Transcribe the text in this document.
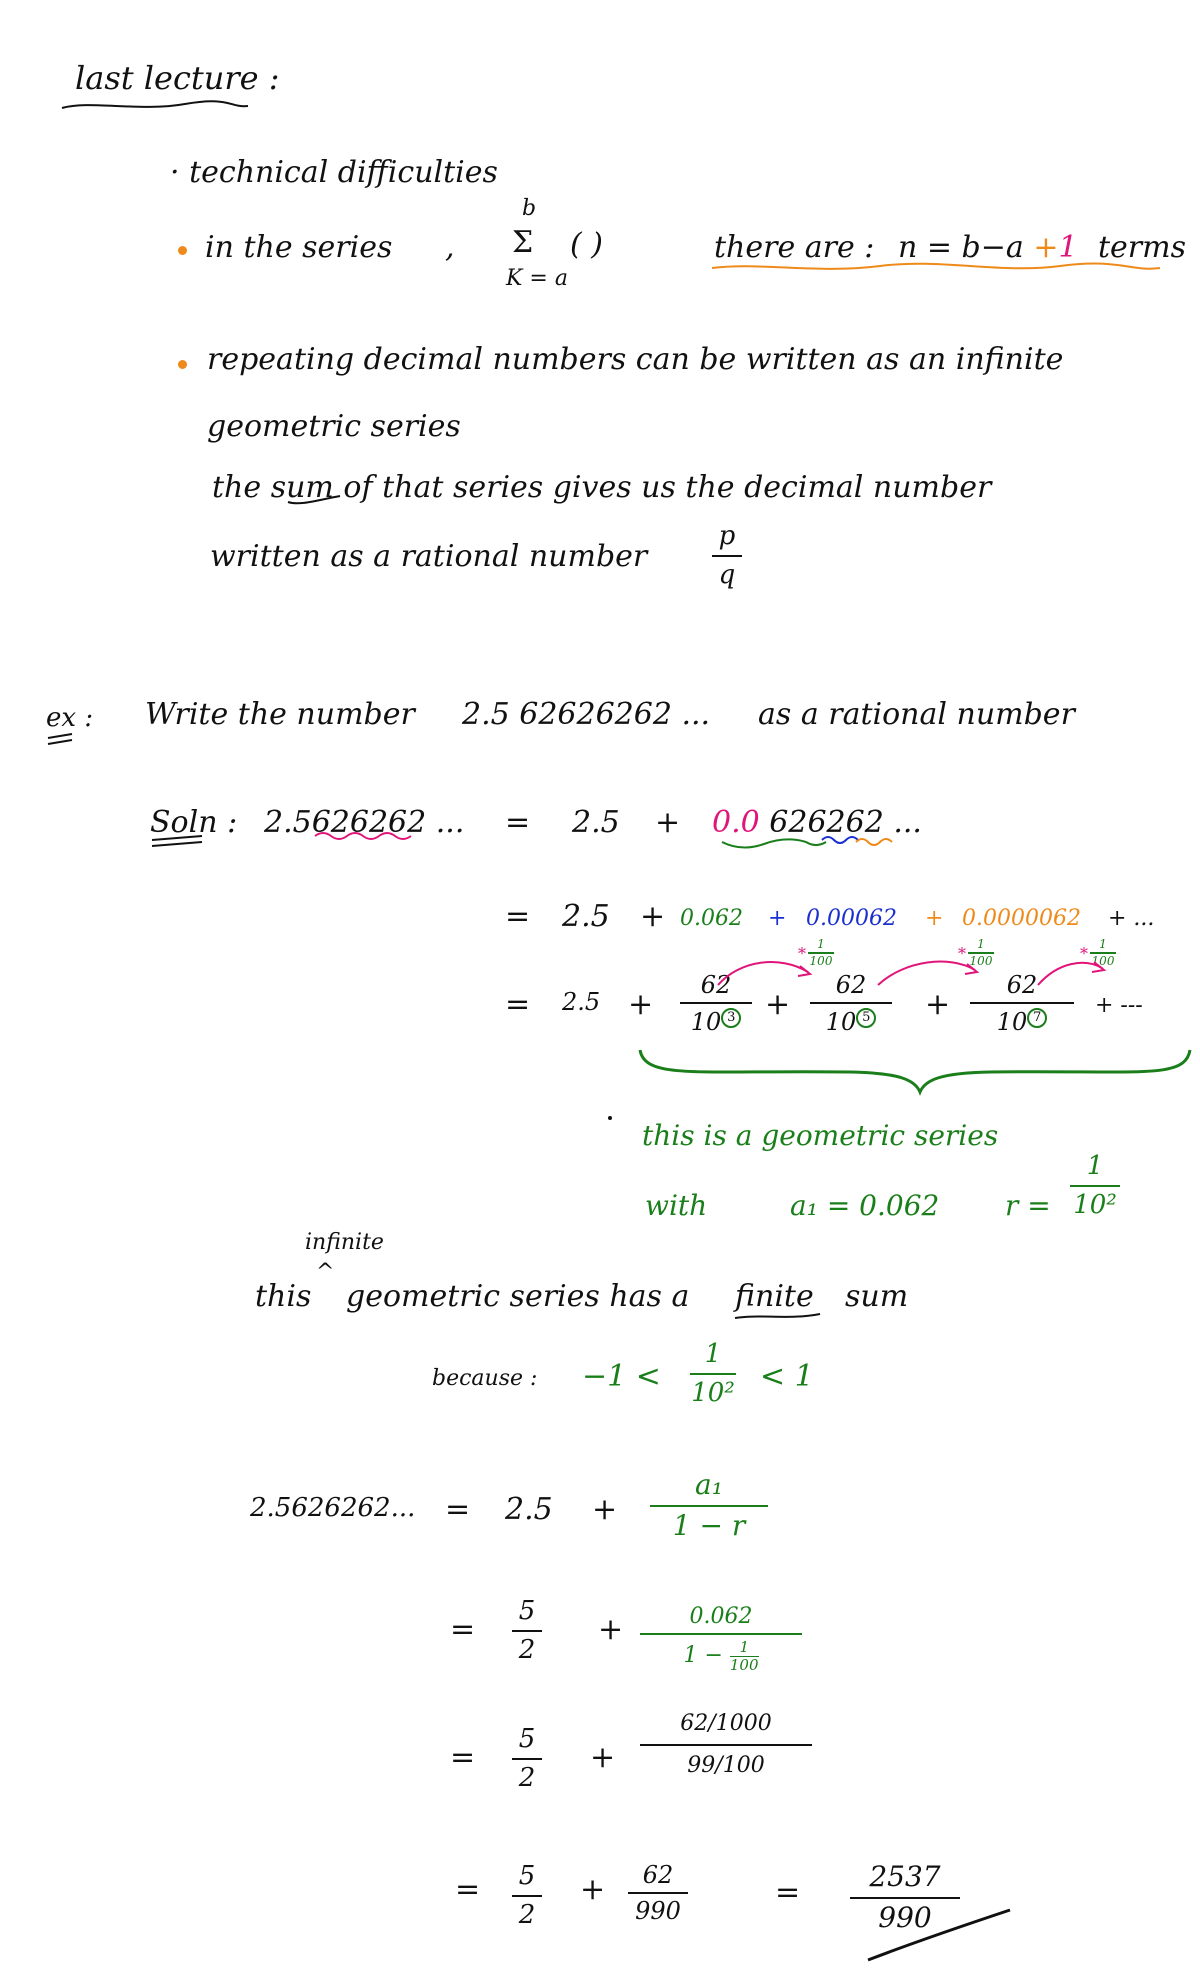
last lecture :
· technical difficulties
in the series ,
b
Σ
K = a
( )	there are : n = b−a +1 terms
repeating decimal numbers can be written as an infinite
geometric series
the sum of that series gives us the decimal number
written as a rational number
p
q
ex : Write the number 2.5 62626262 ... as a rational number
Soln : 2.5626262 ... = 2.5 + 0.0 626262 ...
= 2.5 + 0.062 + 0.00062 + 0.0000062 + ...
* 1
100	* 1
100	* 1
100
= 2.5 +
62
10 3 +
62
10 5	+
62
10 7	+ ---
this is a geometric series
with	a₁ = 0.062 r =
1
10²
infinite
^
this geometric series has a finite sum
because : −1 <
1
10² < 1
2.5626262... = 2.5 +
a₁
1 − r
=
5
2
+	0.062
$1 - \frac{1}{100}$
=
5
2
+
62/1000
99/100
= 5
2
+	62
990
=	2537
990
